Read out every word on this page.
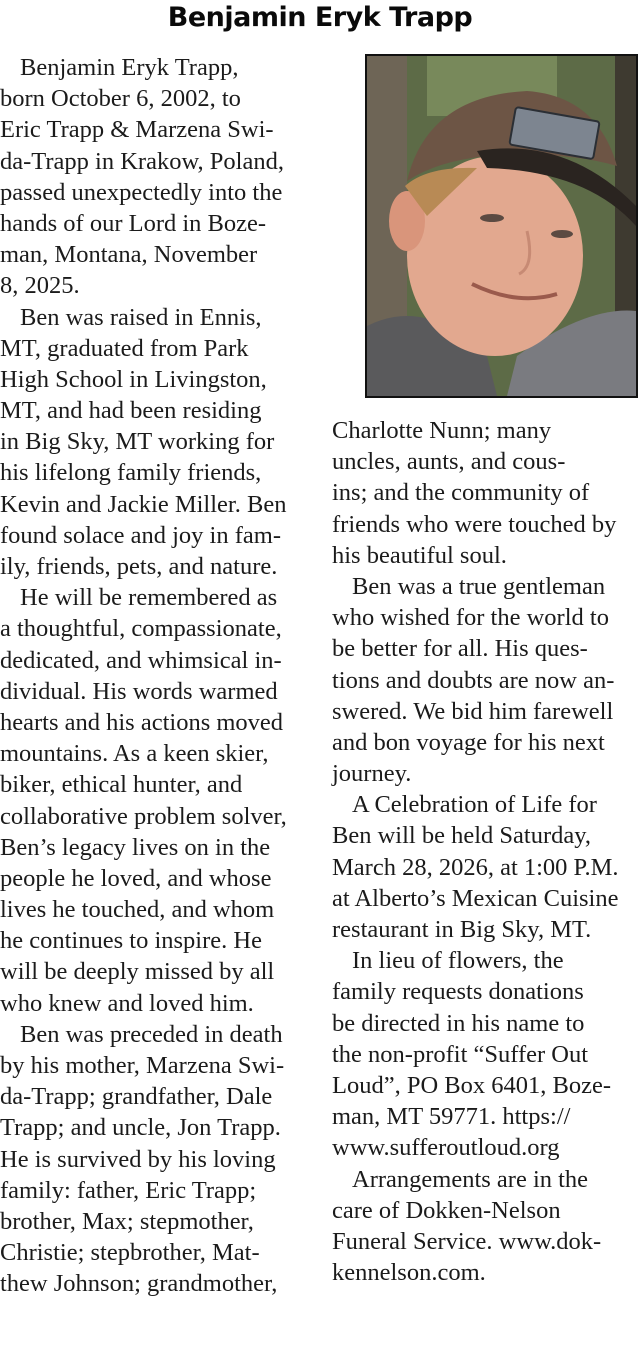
Benjamin Eryk Trapp
Benjamin Eryk Trapp,
born October 6, 2002, to
Eric Trapp & Marzena Swi-
da-Trapp in Krakow, Poland,
passed unexpectedly into the
hands of our Lord in Boze-
man, Montana, November
8, 2025.
Ben was raised in Ennis,
MT, graduated from Park
High School in Livingston,
MT, and had been residing
in Big Sky, MT working for
his lifelong family friends,
Kevin and Jackie Miller. Ben
found solace and joy in fam-
ily, friends, pets, and nature.
He will be remembered as
a thoughtful, compassionate,
dedicated, and whimsical in-
dividual. His words warmed
hearts and his actions moved
mountains. As a keen skier,
biker, ethical hunter, and
collaborative problem solver,
Ben’s legacy lives on in the
people he loved, and whose
lives he touched, and whom
he continues to inspire. He
will be deeply missed by all
who knew and loved him.
Ben was preceded in death
by his mother, Marzena Swi-
da-Trapp; grandfather, Dale
Trapp; and uncle, Jon Trapp.
He is survived by his loving
family: father, Eric Trapp;
brother, Max; stepmother,
Christie; stepbrother, Mat-
thew Johnson; grandmother,
Charlotte Nunn; many
uncles, aunts, and cous-
ins; and the community of
friends who were touched by
his beautiful soul.
Ben was a true gentleman
who wished for the world to
be better for all. His ques-
tions and doubts are now an-
swered. We bid him farewell
and bon voyage for his next
journey.
A Celebration of Life for
Ben will be held Saturday,
March 28, 2026, at 1:00 P.M.
at Alberto’s Mexican Cuisine
restaurant in Big Sky, MT.
In lieu of flowers, the
family requests donations
be directed in his name to
the non-profit “Suffer Out
Loud”, PO Box 6401, Boze-
man, MT 59771. https://
www.sufferoutloud.org
Arrangements are in the
care of Dokken-Nelson
Funeral Service. www.dok-
kennelson.com.
